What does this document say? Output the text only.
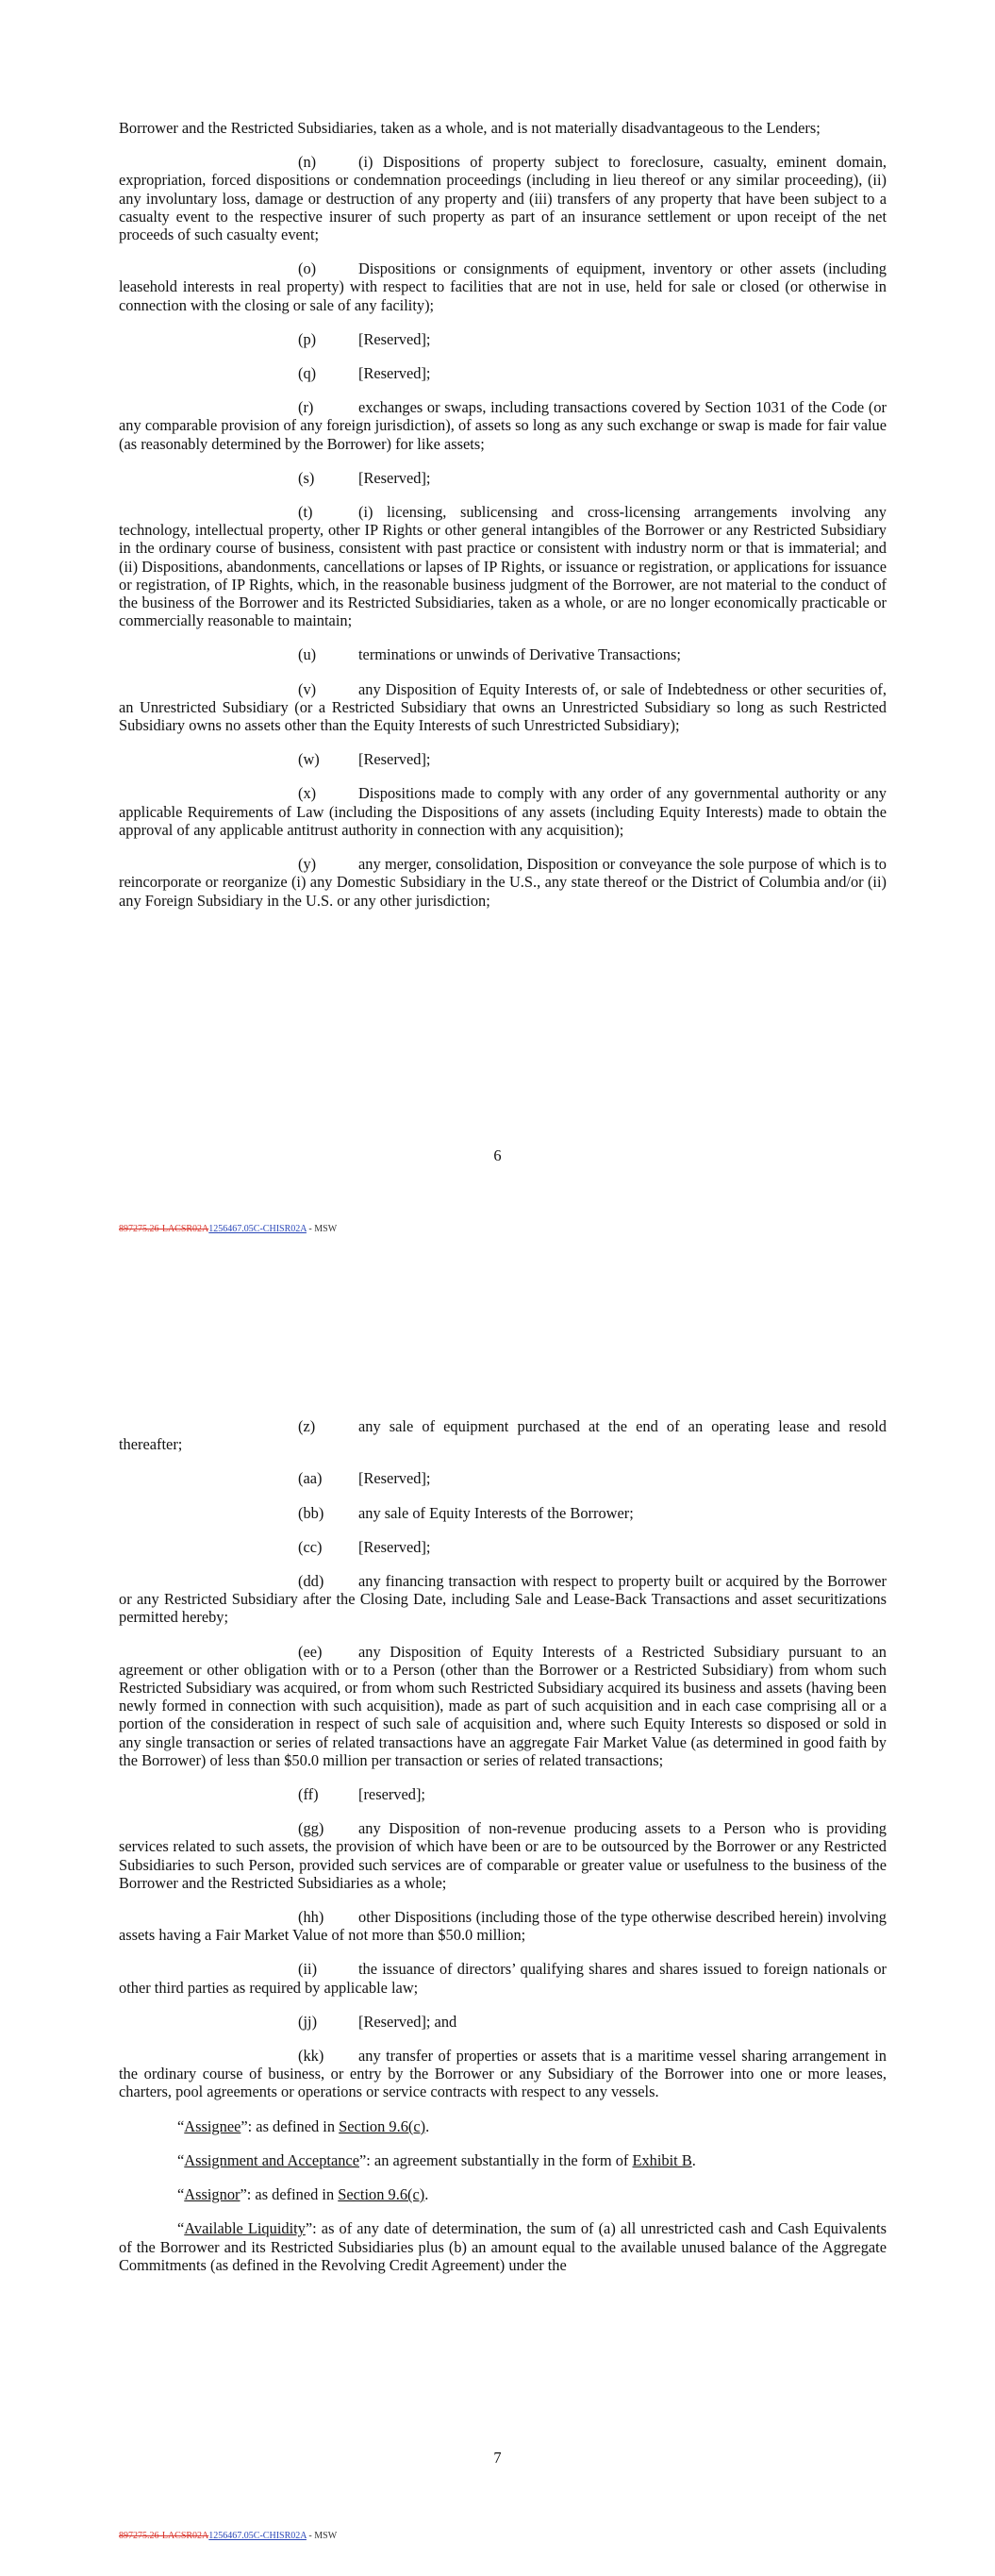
Borrower and the Restricted Subsidiaries, taken as a whole, and is not materially disadvantageous to the Lenders;

(n)	(i) Dispositions of property subject to foreclosure, casualty, eminent domain, expropriation, forced dispositions or condemnation proceedings (including in lieu thereof or any similar proceeding), (ii) any involuntary loss, damage or destruction of any property and (iii) transfers of any property that have been subject to a casualty event to the respective insurer of such property as part of an insurance settlement or upon receipt of the net proceeds of such casualty event;

(o)	Dispositions or consignments of equipment, inventory or other assets (including leasehold interests in real property) with respect to facilities that are not in use, held for sale or closed (or otherwise in connection with the closing or sale of any facility);

(p)	[Reserved];

(q)	[Reserved];

(r)	exchanges or swaps, including transactions covered by Section 1031 of the Code (or any comparable provision of any foreign jurisdiction), of assets so long as any such exchange or swap is made for fair value (as reasonably determined by the Borrower) for like assets;

(s)	[Reserved];

(t)	(i) licensing, sublicensing and cross-licensing arrangements involving any technology, intellectual property, other IP Rights or other general intangibles of the Borrower or any Restricted Subsidiary in the ordinary course of business, consistent with past practice or consistent with industry norm or that is immaterial; and (ii) Dispositions, abandonments, cancellations or lapses of IP Rights, or issuance or registration, or applications for issuance or registration, of IP Rights, which, in the reasonable business judgment of the Borrower, are not material to the conduct of the business of the Borrower and its Restricted Subsidiaries, taken as a whole, or are no longer economically practicable or commercially reasonable to maintain;

(u)	terminations or unwinds of Derivative Transactions;

(v)	any Disposition of Equity Interests of, or sale of Indebtedness or other securities of, an Unrestricted Subsidiary (or a Restricted Subsidiary that owns an Unrestricted Subsidiary so long as such Restricted Subsidiary owns no assets other than the Equity Interests of such Unrestricted Subsidiary);

(w)	[Reserved];

(x)	Dispositions made to comply with any order of any governmental authority or any applicable Requirements of Law (including the Dispositions of any assets (including Equity Interests) made to obtain the approval of any applicable antitrust authority in connection with any acquisition);

(y)	any merger, consolidation, Disposition or conveyance the sole purpose of which is to reincorporate or reorganize (i) any Domestic Subsidiary in the U.S., any state thereof or the District of Columbia and/or (ii) any Foreign Subsidiary in the U.S. or any other jurisdiction;

6
897275.26-LACSR02A1256467.05C-CHISR02A - MSW

(z)	any sale of equipment purchased at the end of an operating lease and resold thereafter;

(aa) [Reserved];

(bb) any sale of Equity Interests of the Borrower;

(cc) [Reserved];

(dd) any financing transaction with respect to property built or acquired by the Borrower or any Restricted Subsidiary after the Closing Date, including Sale and Lease-Back Transactions and asset securitizations permitted hereby;

(ee) any Disposition of Equity Interests of a Restricted Subsidiary pursuant to an agreement or other obligation with or to a Person (other than the Borrower or a Restricted Subsidiary) from whom such Restricted Subsidiary was acquired, or from whom such Restricted Subsidiary acquired its business and assets (having been newly formed in connection with such acquisition), made as part of such acquisition and in each case comprising all or a portion of the consideration in respect of such sale of acquisition and, where such Equity Interests so disposed or sold in any single transaction or series of related transactions have an aggregate Fair Market Value (as determined in good faith by the Borrower) of less than $50.0 million per transaction or series of related transactions;

(ff)	[reserved];

(gg) any Disposition of non-revenue producing assets to a Person who is providing services related to such assets, the provision of which have been or are to be outsourced by the Borrower or any Restricted Subsidiaries to such Person, provided such services are of comparable or greater value or usefulness to the business of the Borrower and the Restricted Subsidiaries as a whole;

(hh) other Dispositions (including those of the type otherwise described herein) involving assets having a Fair Market Value of not more than $50.0 million;

(ii)	the issuance of directors’ qualifying shares and shares issued to foreign nationals or other third parties as required by applicable law;

(jj)	[Reserved]; and

(kk) any transfer of properties or assets that is a maritime vessel sharing arrangement in the ordinary course of business, or entry by the Borrower or any Subsidiary of the Borrower into one or more leases, charters, pool agreements or operations or service contracts with respect to any vessels.

“Assignee”: as defined in Section 9.6(c).

“Assignment and Acceptance”: an agreement substantially in the form of Exhibit B.

“Assignor”: as defined in Section 9.6(c).

“Available Liquidity”: as of any date of determination, the sum of (a) all unrestricted cash and Cash Equivalents of the Borrower and its Restricted Subsidiaries plus (b) an amount equal to the available unused balance of the Aggregate Commitments (as defined in the Revolving Credit Agreement) under the

7
897275.26-LACSR02A1256467.05C-CHISR02A - MSW
